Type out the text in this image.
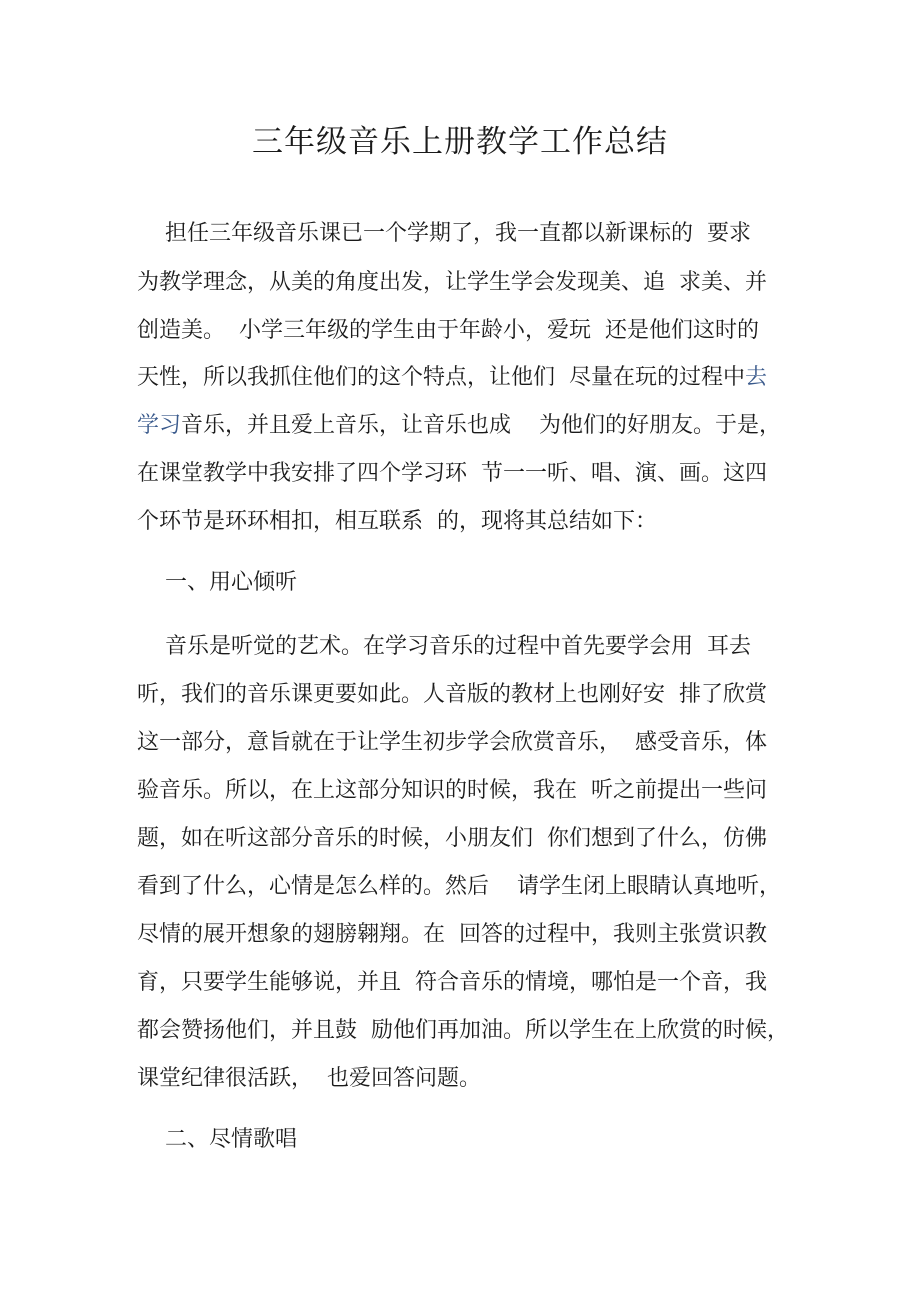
三年级音乐上册教学工作总结
担任三年级音乐课已一个学期了，我一直都以新课标的  要求
为教学理念，从美的角度出发，让学生学会发现美、追  求美、并
创造美。  小学三年级的学生由于年龄小，爱玩  还是他们这时的
天性，所以我抓住他们的这个特点，让他们  尽量在玩的过程中去
学习音乐，并且爱上音乐，让音乐也成    为他们的好朋友。于是，
在课堂教学中我安排了四个学习环  节一一听、唱、演、画。这四
个环节是环环相扣，相互联系  的，现将其总结如下：
一、用心倾听
音乐是听觉的艺术。在学习音乐的过程中首先要学会用  耳去
听，我们的音乐课更要如此。人音版的教材上也刚好安  排了欣赏
这一部分，意旨就在于让学生初步学会欣赏音乐，  感受音乐，体
验音乐。所以，在上这部分知识的时候，我在  听之前提出一些问
题，如在听这部分音乐的时候，小朋友们  你们想到了什么，仿佛
看到了什么，心情是怎么样的。然后    请学生闭上眼睛认真地听，
尽情的展开想象的翅膀翱翔。在  回答的过程中，我则主张赏识教
育，只要学生能够说，并且  符合音乐的情境，哪怕是一个音，我
都会赞扬他们，并且鼓  励他们再加油。所以学生在上欣赏的时候，
课堂纪律很活跃，  也爱回答问题。
二、尽情歌唱
